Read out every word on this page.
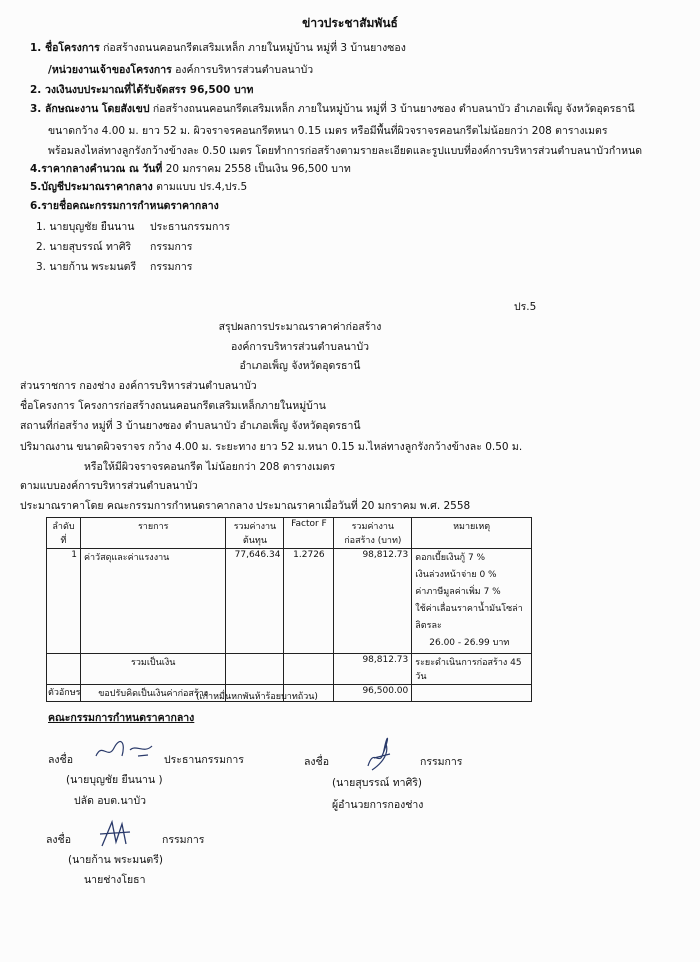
ข่าวประชาสัมพันธ์
1. ชื่อโครงการ ก่อสร้างถนนคอนกรีตเสริมเหล็ก ภายในหมู่บ้าน หมู่ที่ 3 บ้านยางซอง
/หน่วยงานเจ้าของโครงการ องค์การบริหารส่วนตำบลนาบัว
2. วงเงินงบประมาณที่ได้รับจัดสรร 96,500 บาท
3. ลักษณะงาน โดยสังเขป ก่อสร้างถนนคอนกรีตเสริมเหล็ก ภายในหมู่บ้าน หมู่ที่ 3 บ้านยางซอง ตำบลนาบัว อำเภอเพ็ญ จังหวัดอุดรธานี
ขนาดกว้าง 4.00 ม. ยาว 52 ม. ผิวจราจรคอนกรีตหนา 0.15 เมตร หรือมีพื้นที่ผิวจราจรคอนกรีตไม่น้อยกว่า 208 ตารางเมตร
พร้อมลงไหล่ทางลูกรังกว้างข้างละ 0.50 เมตร โดยทำการก่อสร้างตามรายละเอียดและรูปแบบที่องค์การบริหารส่วนตำบลนาบัวกำหนด
4.ราคากลางคำนวณ ณ วันที่ 20 มกราคม 2558 เป็นเงิน 96,500 บาท
5.บัญชีประมาณราคากลาง ตามแบบ ปร.4,ปร.5
6.รายชื่อคณะกรรมการกำหนดราคากลาง
1. นายบุญชัย ยืนนาน ประธานกรรมการ
2. นายสุบรรณ์ ทาศิริ กรรมการ
3. นายก้าน พระมนตรี กรรมการ
ปร.5
สรุปผลการประมาณราคาค่าก่อสร้าง
องค์การบริหารส่วนตำบลนาบัว
อำเภอเพ็ญ จังหวัดอุดรธานี
ส่วนราชการ กองช่าง องค์การบริหารส่วนตำบลนาบัว
ชื่อโครงการ โครงการก่อสร้างถนนคอนกรีตเสริมเหล็กภายในหมู่บ้าน
สถานที่ก่อสร้าง หมู่ที่ 3 บ้านยางซอง ตำบลนาบัว อำเภอเพ็ญ จังหวัดอุดรธานี
ปริมาณงาน ขนาดผิวจราจร กว้าง 4.00 ม. ระยะทาง ยาว 52 ม.หนา 0.15 ม.ไหล่ทางลูกรังกว้างข้างละ 0.50 ม.
หรือให้มีผิวจราจรคอนกรีต ไม่น้อยกว่า 208 ตารางเมตร
ตามแบบองค์การบริหารส่วนตำบลนาบัว
ประมาณราคาโดย คณะกรรมการกำหนดราคากลาง ประมาณราคาเมื่อวันที่ 20 มกราคม พ.ศ. 2558
ลำดับที่	รายการ	รวมค่างาน ต้นทุน	Factor F	รวมค่างานก่อสร้าง (บาท)	หมายเหตุ
1	ค่าวัสดุและค่าแรงงาน	77,646.34	1.2726	98,812.73	ดอกเบี้ยเงินกู้ 7 %
เงินล่วงหน้าจ่าย 0 %
ค่าภาษีมูลค่าเพิ่ม 7 %
ใช้ค่าเลื่อนราคาน้ำมันโซล่า ลิตรละ
26.00 - 26.99 บาท

	รวมเป็นเงิน			98,812.73	ระยะดำเนินการก่อสร้าง 45 วัน
	ขอปรับคิดเป็นเงินค่าก่อสร้าง			96,500.00	
ตัวอักษร	(เก้าหมื่นหกพันห้าร้อยบาทถ้วน)
คณะกรรมการกำหนดราคากลาง
ลงชื่อ	ประธานกรรมการ
(นายบุญชัย ยืนนาน )
ปลัด อบต.นาบัว
ลงชื่อ	กรรมการ
(นายสุบรรณ์ ทาศิริ)
ผู้อำนวยการกองช่าง
ลงชื่อ	กรรมการ
(นายก้าน พระมนตรี)
นายช่างโยธา
